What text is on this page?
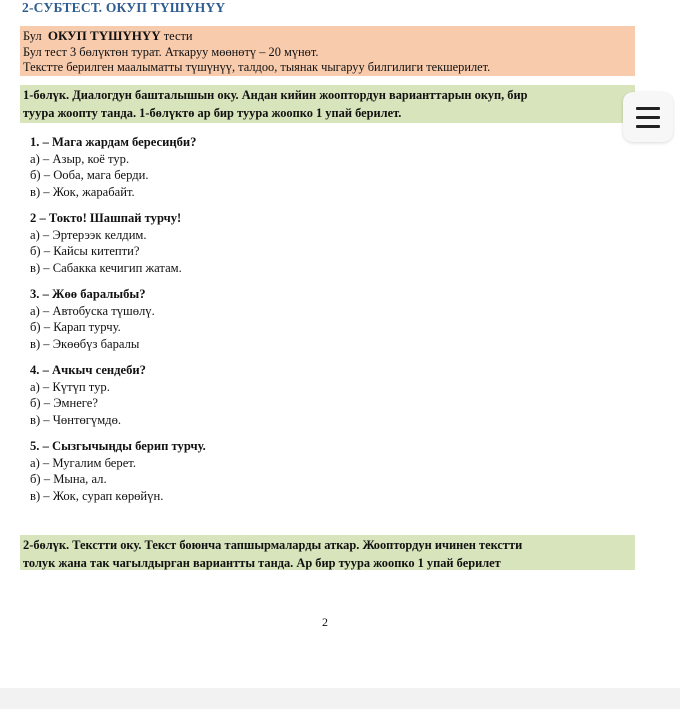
2-СУБТЕСТ. ОКУП ТҮШҮНҮҮ
Бул ОКУП ТҮШҮНҮҮ тести
Бул тест 3 бөлүктөн турат. Аткаруу мөөнөтү – 20 мүнөт.
Текстте берилген маалыматты түшүнүү, талдоо, тыянак чыгаруу билгилиги текшерилет.
1-бөлүк. Диалогдун башталышын оку. Андан кийин жооптордун варианттарын окуп, бир
туура жоопту танда. 1-бөлүктө ар бир туура жоопко 1 упай берилет.
1. – Мага жардам бересиңби?
а) – Азыр, коё тур.
б) – Ооба, мага берди.
в) – Жок, жарабайт.
2 – Токто! Шашпай турчу!
а) – Эртерээк келдим.
б) – Кайсы китепти?
в) – Сабакка кечигип жатам.
3. – Жөө баралыбы?
а) – Автобуска түшөлү.
б) – Карап турчу.
в) – Экөөбүз баралы
4. – Ачкыч сендеби?
а) – Күтүп тур.
б) – Эмнеге?
в) – Чөнтөгүмдө.
5. – Сызгычыңды берип турчу.
а) – Мугалим берет.
б) – Мына, ал.
в) – Жок, сурап көрөйүн.
2-бөлүк. Текстти оку. Текст боюнча тапшырмаларды аткар. Жооптордун ичинен текстти
толук жана так чагылдырган вариантты танда. Ар бир туура жоопко 1 упай берилет
2
